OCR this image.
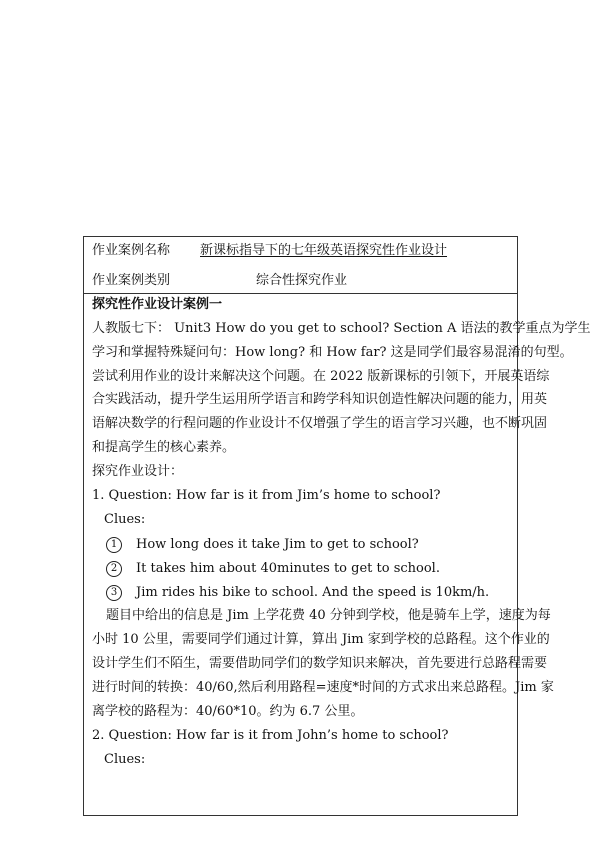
作业案例名称 新课标指导下的七年级英语探究性作业设计
作业案例类别	综合性探究作业
探究性作业设计案例一
人教版七下： Unit3 How do you get to school? Section A 语法的教学重点为学生
学习和掌握特殊疑问句：How long? 和 How far? 这是同学们最容易混淆的句型。
尝试利用作业的设计来解决这个问题。在 2022 版新课标的引领下，开展英语综
合实践活动，提升学生运用所学语言和跨学科知识创造性解决问题的能力，用英
语解决数学的行程问题的作业设计不仅增强了学生的语言学习兴趣，也不断巩固
和提高学生的核心素养。
探究作业设计：
1. Question: How far is it from Jim’s home to school?
Clues:
1 How long does it take Jim to get to school?
2 It takes him about 40minutes to get to school.
3 Jim rides his bike to school. And the speed is 10km/h.
题目中给出的信息是 Jim 上学花费 40 分钟到学校，他是骑车上学，速度为每
小时 10 公里，需要同学们通过计算，算出 Jim 家到学校的总路程。这个作业的
设计学生们不陌生，需要借助同学们的数学知识来解决，首先要进行总路程需要
进行时间的转换：40/60,然后利用路程=速度*时间的方式求出来总路程。Jim 家
离学校的路程为：40/60*10。约为 6.7 公里。
2. Question: How far is it from John’s home to school?
Clues:
